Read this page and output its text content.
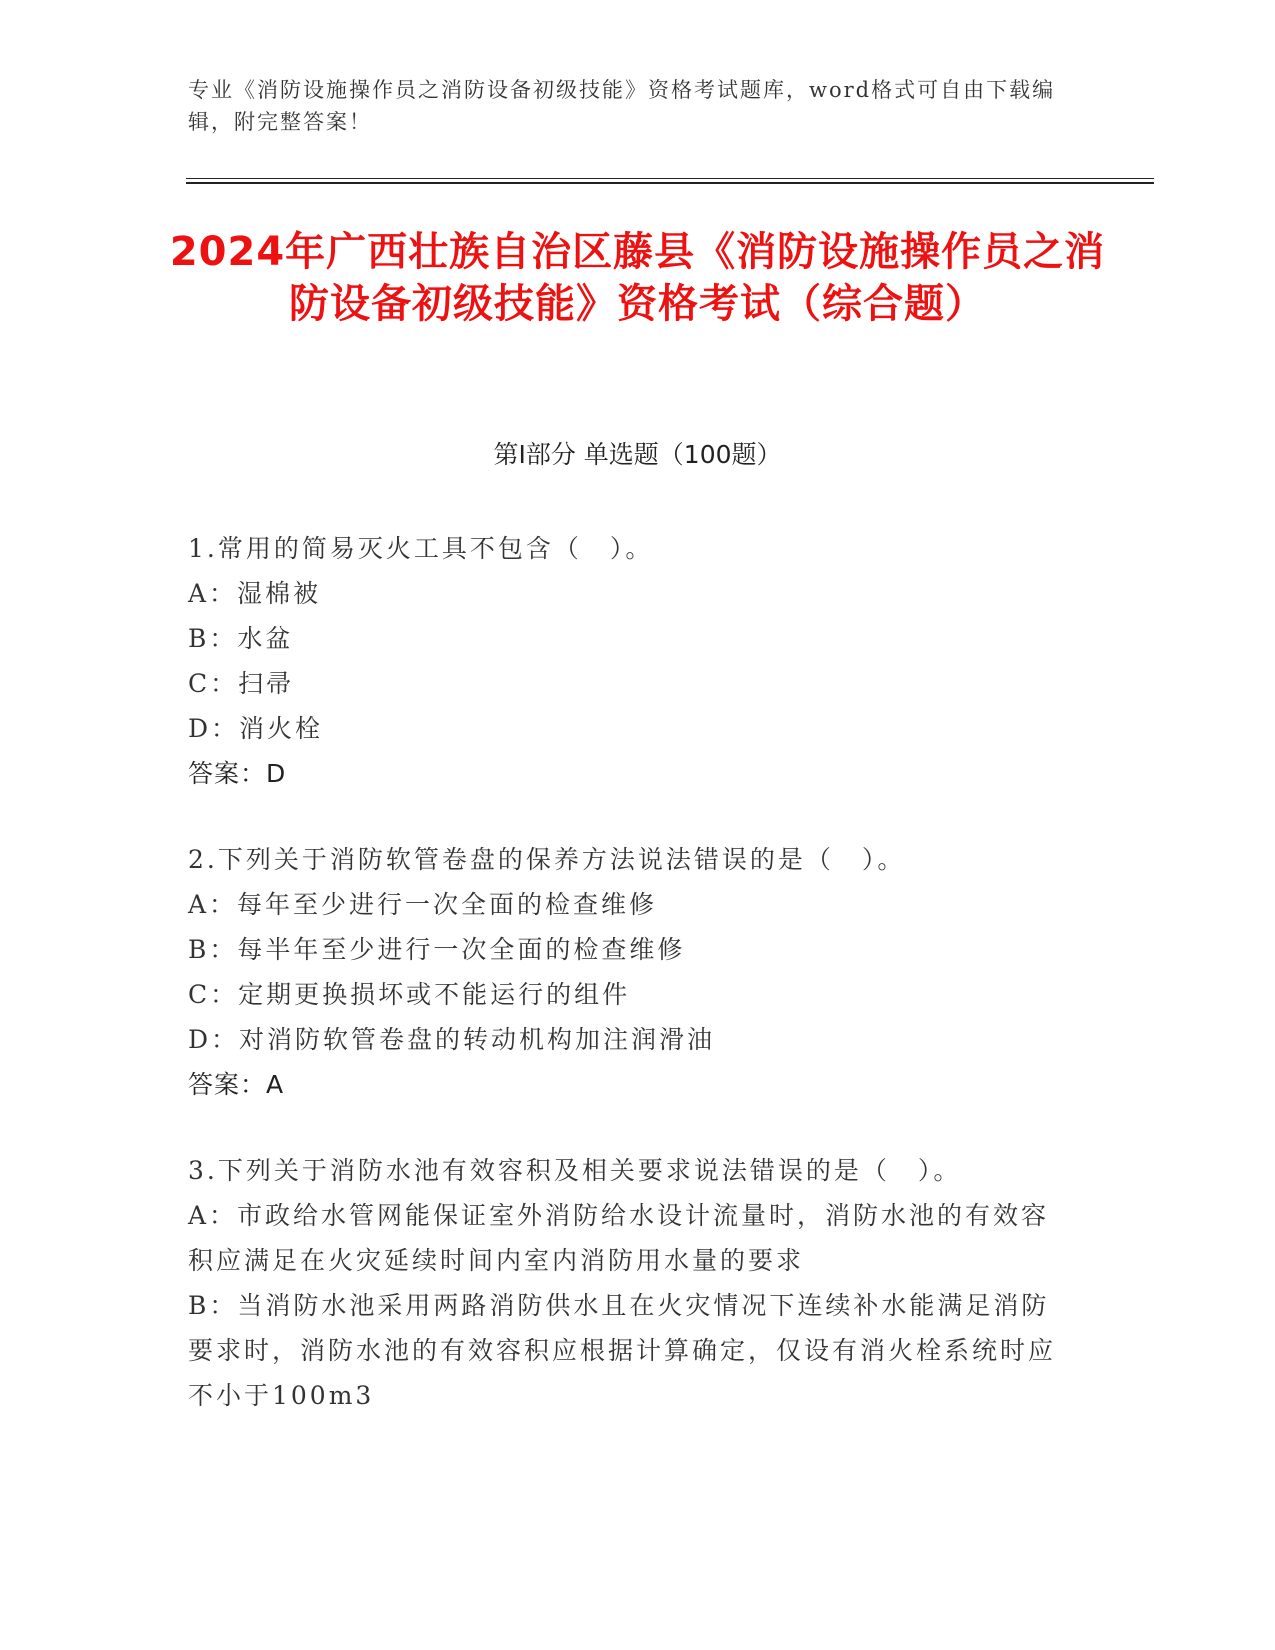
专业《消防设施操作员之消防设备初级技能》资格考试题库，word格式可自由下载编辑，附完整答案！
2024年广西壮族自治区藤县《消防设施操作员之消防设备初级技能》资格考试（综合题）
第Ⅰ部分 单选题（100题）
1.常用的简易灭火工具不包含（　）。
A：湿棉被
B：水盆
C：扫帚
D：消火栓
答案：D
2.下列关于消防软管卷盘的保养方法说法错误的是（　）。
A：每年至少进行一次全面的检查维修
B：每半年至少进行一次全面的检查维修
C：定期更换损坏或不能运行的组件
D：对消防软管卷盘的转动机构加注润滑油
答案：A
3.下列关于消防水池有效容积及相关要求说法错误的是（　）。
A：市政给水管网能保证室外消防给水设计流量时，消防水池的有效容积应满足在火灾延续时间内室内消防用水量的要求
B：当消防水池采用两路消防供水且在火灾情况下连续补水能满足消防要求时，消防水池的有效容积应根据计算确定，仅设有消火栓系统时应不小于100m3
